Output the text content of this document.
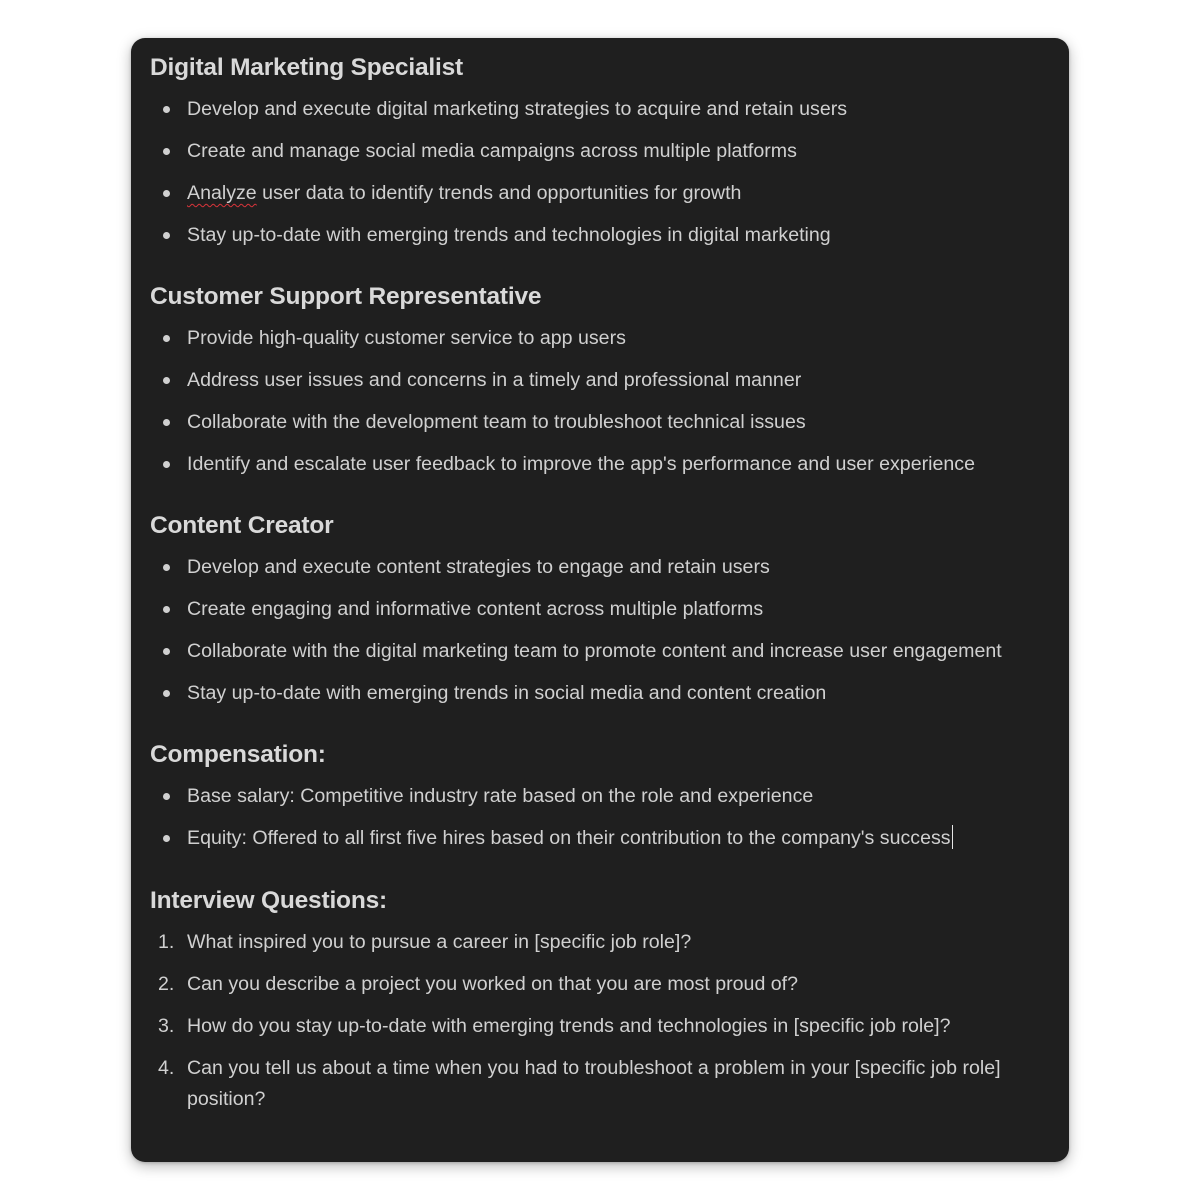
Digital Marketing Specialist
Develop and execute digital marketing strategies to acquire and retain users
Create and manage social media campaigns across multiple platforms
Analyze user data to identify trends and opportunities for growth
Stay up-to-date with emerging trends and technologies in digital marketing
Customer Support Representative
Provide high-quality customer service to app users
Address user issues and concerns in a timely and professional manner
Collaborate with the development team to troubleshoot technical issues
Identify and escalate user feedback to improve the app's performance and user experience
Content Creator
Develop and execute content strategies to engage and retain users
Create engaging and informative content across multiple platforms
Collaborate with the digital marketing team to promote content and increase user engagement
Stay up-to-date with emerging trends in social media and content creation
Compensation:
Base salary: Competitive industry rate based on the role and experience
Equity: Offered to all first five hires based on their contribution to the company's success
Interview Questions:
1. What inspired you to pursue a career in [specific job role]?
2. Can you describe a project you worked on that you are most proud of?
3. How do you stay up-to-date with emerging trends and technologies in [specific job role]?
4. Can you tell us about a time when you had to troubleshoot a problem in your [specific job role] position?
